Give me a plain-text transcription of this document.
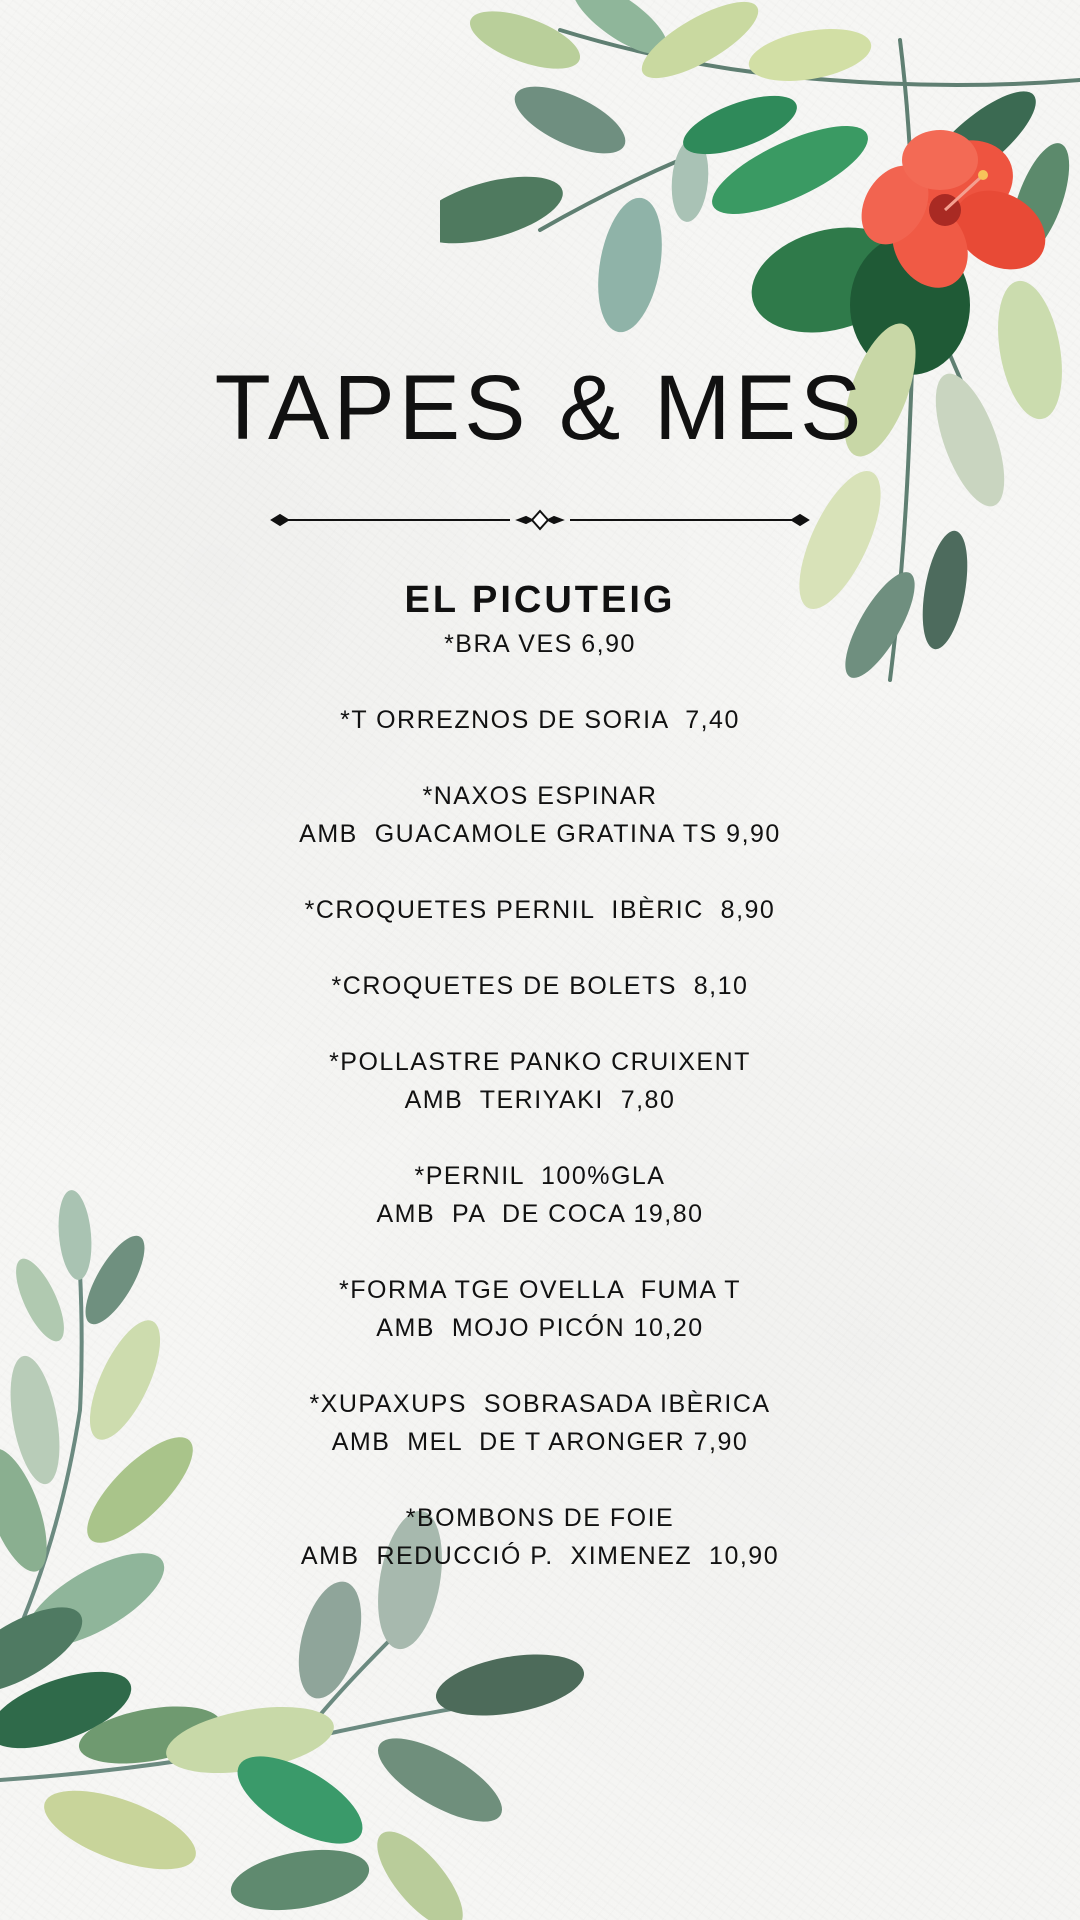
TAPES & MES
EL PICUTEIG
*BRA VES 6,90
*T ORREZNOS DE SORIA  7,40
*NAXOS ESPINAR
AMB  GUACAMOLE GRATINA TS 9,90
*CROQUETES PERNIL  IBÈRIC  8,90
*CROQUETES DE BOLETS  8,10
*POLLASTRE PANKO CRUIXENT
AMB  TERIYAKI  7,80
*PERNIL  100%GLA
AMB  PA  DE COCA 19,80
*FORMA TGE OVELLA  FUMA T
AMB  MOJO PICÓN 10,20
*XUPAXUPS  SOBRASADA IBÈRICA
AMB  MEL  DE T ARONGER 7,90
*BOMBONS DE FOIE
AMB  REDUCCIÓ P.  XIMENEZ  10,90
